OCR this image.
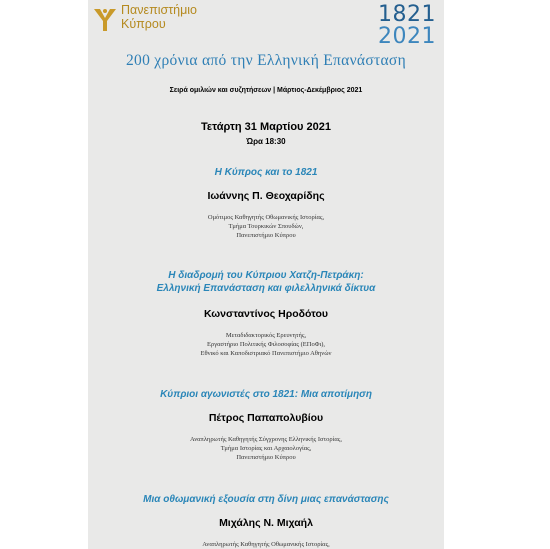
Πανεπιστήμιο
Κύπρου	1821
2021
200 χρόνια από την Ελληνική Επανάσταση
Σειρά ομιλιών και συζητήσεων | Μάρτιος-Δεκέμβριος 2021
Τετάρτη 31 Μαρτίου 2021
Ώρα 18:30
Η Κύπρος και το 1821
Ιωάννης Π. Θεοχαρίδης
Ομότιμος Καθηγητής Οθωμανικής Ιστορίας,
Τμήμα Τουρκικών Σπουδών,
Πανεπιστήμιο Κύπρου
Η διαδρομή του Κύπριου Χατζη-Πετράκη:
Ελληνική Επανάσταση και φιλελληνικά δίκτυα
Κωνσταντίνος Ηροδότου
Μεταδιδακτορικός Ερευνητής,
Εργαστήριο Πολιτικής Φιλοσοφίας (ΕΠοΦι),
Εθνικό και Καποδιστριακό Πανεπιστήμιο Αθηνών
Κύπριοι αγωνιστές στο 1821: Μια αποτίμηση
Πέτρος Παπαπολυβίου
Αναπληρωτής Καθηγητής Σύγχρονης Ελληνικής Ιστορίας,
Τμήμα Ιστορίας και Αρχαιολογίας,
Πανεπιστήμιο Κύπρου
Μια οθωμανική εξουσία στη δίνη μιας επανάστασης
Μιχάλης Ν. Μιχαήλ
Αναπληρωτής Καθηγητής Οθωμανικής Ιστορίας,
